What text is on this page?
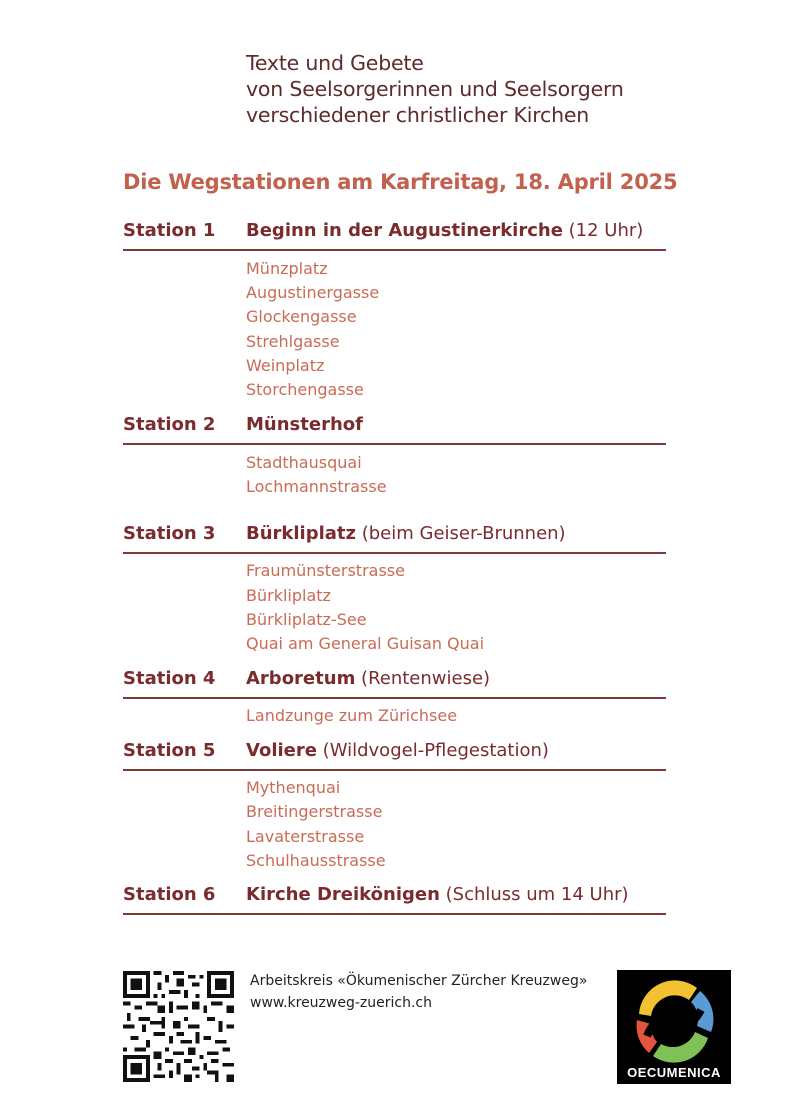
Texte und Gebete
von Seelsorgerinnen und Seelsorgern
verschiedener christlicher Kirchen
Die Wegstationen am Karfreitag, 18. April 2025
Station 1 Beginn in der Augustinerkirche (12 Uhr)
Münzplatz
Augustinergasse
Glockengasse
Strehlgasse
Weinplatz
Storchengasse
Station 2 Münsterhof
Stadthausquai
Lochmannstrasse
Station 3 Bürkliplatz (beim Geiser-Brunnen)
Fraumünsterstrasse
Bürkliplatz
Bürkliplatz-See
Quai am General Guisan Quai
Station 4 Arboretum (Rentenwiese)
Landzunge zum Zürichsee
Station 5 Voliere (Wildvogel-Pflegestation)
Mythenquai
Breitingerstrasse
Lavaterstrasse
Schulhausstrasse
Station 6 Kirche Dreikönigen (Schluss um 14 Uhr)
Arbeitskreis «Ökumenischer Zürcher Kreuzweg»
www.kreuzweg-zuerich.ch
OECUMENICA
